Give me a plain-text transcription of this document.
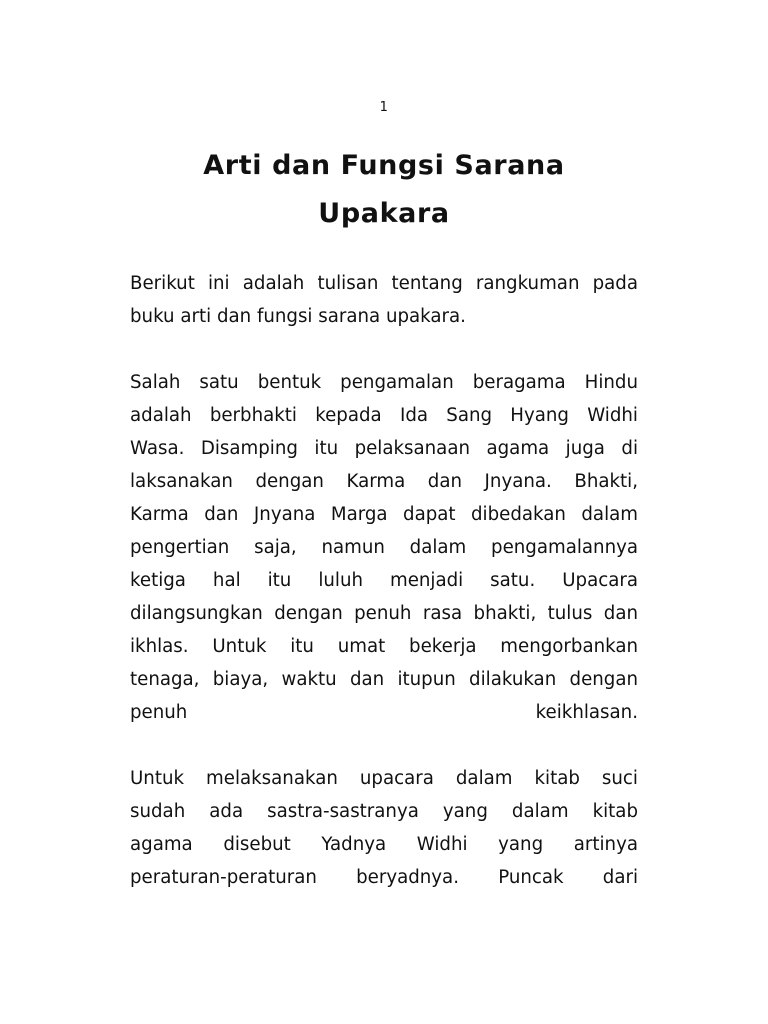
1
Arti dan Fungsi Sarana
Upakara
Berikut ini adalah tulisan tentang rangkuman pada
buku arti dan fungsi sarana upakara.
Salah satu bentuk pengamalan beragama Hindu
adalah berbhakti kepada Ida Sang Hyang Widhi
Wasa. Disamping itu pelaksanaan agama juga di
laksanakan dengan Karma dan Jnyana. Bhakti,
Karma dan Jnyana Marga dapat dibedakan dalam
pengertian saja, namun dalam pengamalannya
ketiga hal itu luluh menjadi satu. Upacara
dilangsungkan dengan penuh rasa bhakti, tulus dan
ikhlas. Untuk itu umat bekerja mengorbankan
tenaga, biaya, waktu dan itupun dilakukan dengan
penuh keikhlasan.
Untuk melaksanakan upacara dalam kitab suci
sudah ada sastra-sastranya yang dalam kitab
agama disebut Yadnya Widhi yang artinya
peraturan-peraturan beryadnya. Puncak dari
